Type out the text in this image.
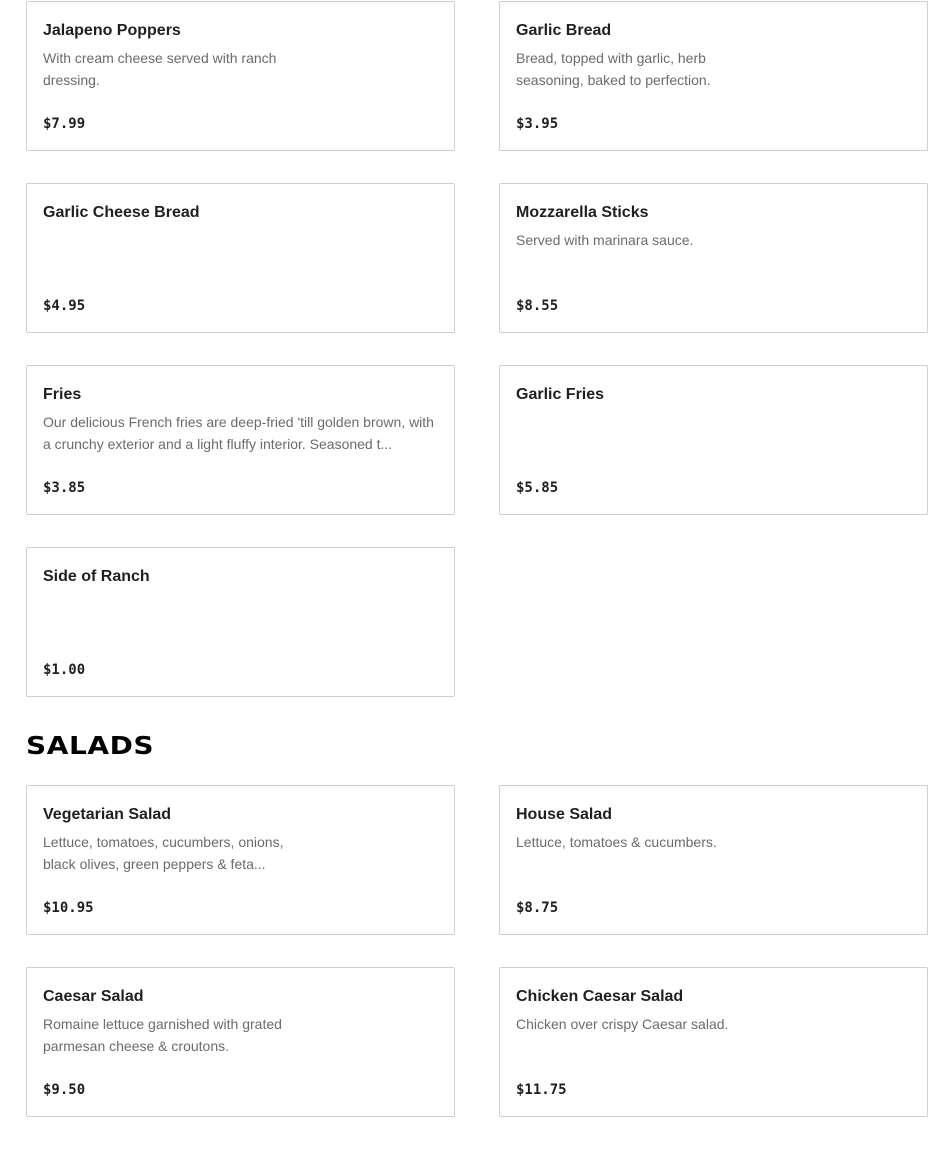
Jalapeno Poppers
With cream cheese served with ranch dressing.
$7.99
Garlic Bread
Bread, topped with garlic, herb seasoning, baked to perfection.
$3.95
Garlic Cheese Bread
$4.95
Mozzarella Sticks
Served with marinara sauce.
$8.55
Fries
Our delicious French fries are deep-fried 'till golden brown, with a crunchy exterior and a light fluffy interior. Seasoned t...
$3.85
Garlic Fries
$5.85
Side of Ranch
$1.00
SALADS
Vegetarian Salad
Lettuce, tomatoes, cucumbers, onions, black olives, green peppers & feta...
$10.95
House Salad
Lettuce, tomatoes & cucumbers.
$8.75
Caesar Salad
Romaine lettuce garnished with grated parmesan cheese & croutons.
$9.50
Chicken Caesar Salad
Chicken over crispy Caesar salad.
$11.75
